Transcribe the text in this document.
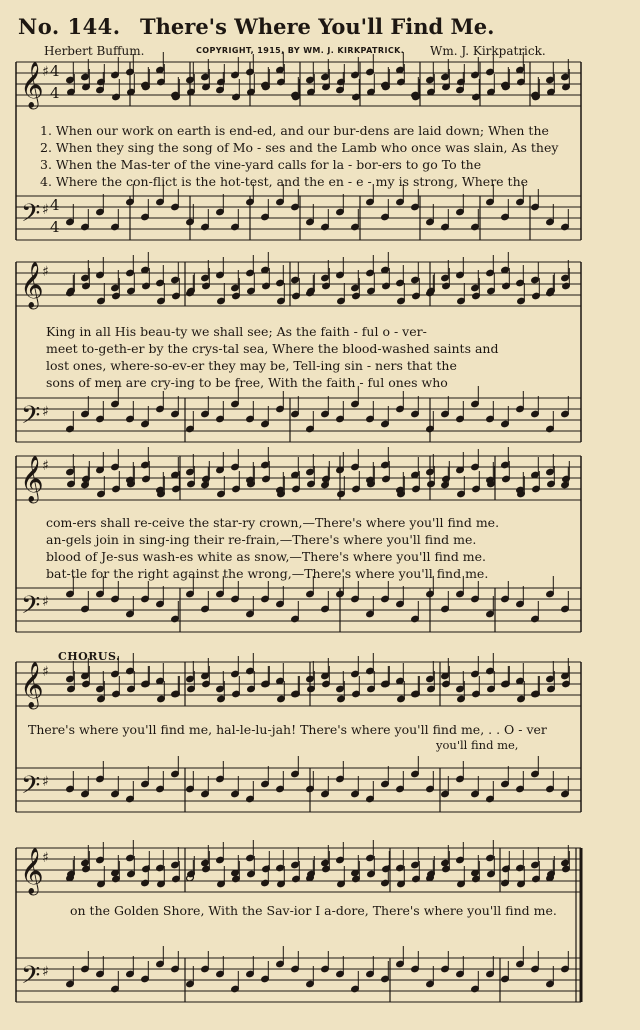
No. 144. There's Where You'll Find Me.
Herbert Buffum.	COPYRIGHT, 1915, BY WM. J. KIRKPATRICK. Wm. J. Kirkpatrick.
𝄞
𝄢
♯
♯
𝄞
𝄢
♯
♯
𝄞
𝄢
♯
♯
𝄞
𝄢
♯
♯
𝄞
𝄢
♯
♯
4
4
4
4
1. When our work on earth is end-ed, and our bur-dens are laid down; When the
2. When they sing the song of Mo - ses and the Lamb who once was slain, As they
3. When the Mas-ter of the vine-yard calls for la - bor-ers to go To the
4. Where the con-flict is the hot-test, and the en - e - my is strong, Where the
King in all His beau-ty we shall see; As the faith - ful o - ver-
meet to-geth-er by the crys-tal sea, Where the blood-washed saints and
lost ones, where-so-ev-er they may be, Tell-ing sin - ners that the
sons of men are cry-ing to be free, With the faith - ful ones who
com-ers shall re-ceive the star-ry crown,—There's where you'll find me.
an-gels join in sing-ing their re-frain,—There's where you'll find me.
blood of Je-sus wash-es white as snow,—There's where you'll find me.
bat-tle for the right against the wrong,—There's where you'll find me.
CHORUS.
There's where you'll find me, hal-le-lu-jah! There's where you'll find me, . . O - ver
you'll find me,
on the Golden Shore, With the Sav-ior I a-dore, There's where you'll find me.
